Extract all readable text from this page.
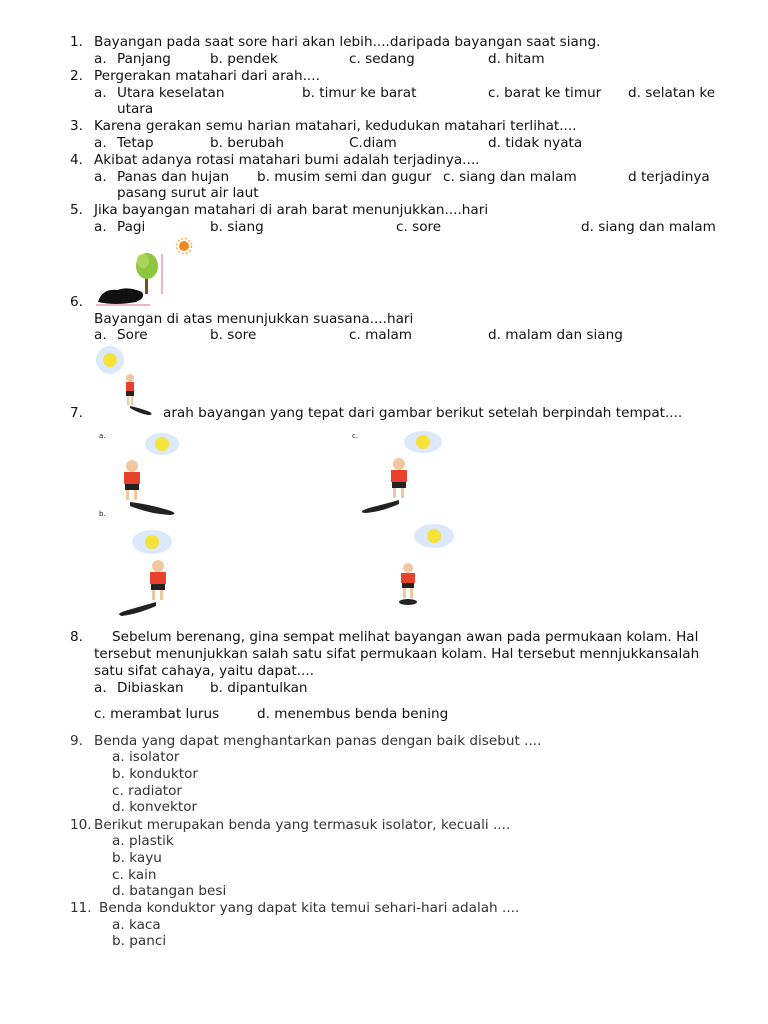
1. Bayangan pada saat sore hari akan lebih....daripada bayangan saat siang.
a. Panjang	b. pendek	c. sedang	d. hitam
2. Pergerakan matahari dari arah....
a. Utara keselatan	b. timur ke barat	c. barat ke timur d. selatan ke
utara
3. Karena gerakan semu harian matahari, kedudukan matahari terlihat....
a. Tetap	b. berubah	C.diam	d. tidak nyata
4. Akibat adanya rotasi matahari bumi adalah terjadinya....
a. Panas dan hujan b. musim semi dan gugur c. siang dan malam	d terjadinya
pasang surut air laut
5. Jika bayangan matahari di arah barat menunjukkan....hari
a. Pagi	b. siang	c. sore	d. siang dan malam
6.
Bayangan di atas menunjukkan suasana....hari
a. Sore	b. sore	c. malam	d. malam dan siang
7.	arah bayangan yang tepat dari gambar berikut setelah berpindah tempat....
a.	c.
b.
8. Sebelum berenang, gina sempat melihat bayangan awan pada permukaan kolam. Hal
tersebut menunjukkan salah satu sifat permukaan kolam. Hal tersebut mennjukkansalah
satu sifat cahaya, yaitu dapat....
a. Dibiaskan b. dipantulkan
c. merambat lurus	d. menembus benda bening
9. Benda yang dapat menghantarkan panas dengan baik disebut ....
a. isolator
b. konduktor
c. radiator
d. konvektor
10. Berikut merupakan benda yang termasuk isolator, kecuali ....
a. plastik
b. kayu
c. kain
d. batangan besi
11. Benda konduktor yang dapat kita temui sehari-hari adalah ....
a. kaca
b. panci
